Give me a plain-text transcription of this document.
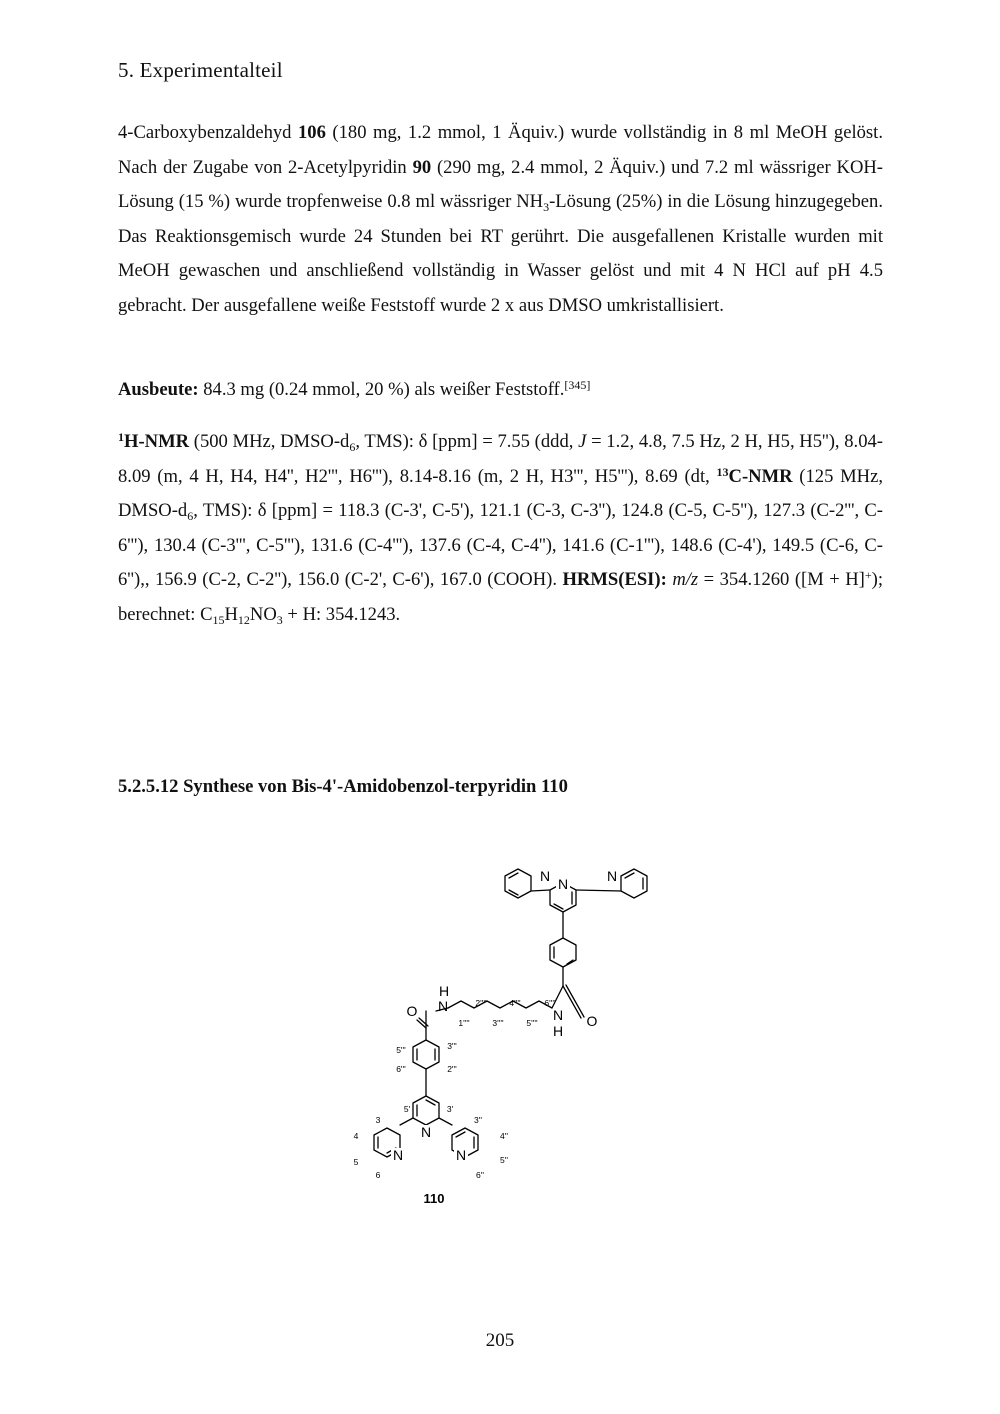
5. Experimentalteil

4-Carboxybenzaldehyd 106 (180 mg, 1.2 mmol, 1 Äquiv.) wurde vollständig in 8 ml MeOH gelöst. Nach der Zugabe von 2-Acetylpyridin 90 (290 mg, 2.4 mmol, 2 Äquiv.) und 7.2 ml wässriger KOH-Lösung (15 %) wurde tropfenweise 0.8 ml wässriger $NH_3$-Lösung (25%) in die Lösung hinzugegeben. Das Reaktionsgemisch wurde 24 Stunden bei RT gerührt. Die ausgefallenen Kristalle wurden mit MeOH gewaschen und anschließend vollständig in Wasser gelöst und mit 4 N HCl auf pH 4.5 gebracht. Der ausgefallene weiße Feststoff wurde 2 x aus DMSO umkristallisiert.

Ausbeute: 84.3 mg (0.24 mmol, 20 %) als weißer Feststoff.[345]

$^1$H-NMR (500 MHz, DMSO-$d_6$, TMS): δ [ppm] = 7.55 (ddd, J = 1.2, 4.8, 7.5 Hz, 2 H, H5, H5''), 8.04-8.09 (m, 4 H, H4, H4'', H2''', H6'''), 8.14-8.16 (m, 2 H, H3''', H5'''), 8.69 (dt, $^{13}$C-NMR (125 MHz, DMSO-$d_6$, TMS): δ [ppm] = 118.3 (C-3', C-5'), 121.1 (C-3, C-3''), 124.8 (C-5, C-5''), 127.3 (C-2''', C-6'''), 130.4 (C-3''', C-5'''), 131.6 (C-4'''), 137.6 (C-4, C-4''), 141.6 (C-1'''), 148.6 (C-4'), 149.5 (C-6, C-6''),, 156.9 (C-2, C-2''), 156.0 (C-2', C-6'), 167.0 (COOH). HRMS(ESI): m/z = 354.1260 ([M + H]+); berechnet: $C_{15}H_{12}NO_3 + H$: 354.1243.

5.2.5.12 Synthese von Bis-4'-Amidobenzol-terpyridin 110
N
N	N
O
N
H
O N
H
N
N	N
2''''	4''''	6''''
1''''	3''''	5''''
5'''	3'''
6'''	2'''
5'	3'
3	3''
4	4''
5	5''
6	6''
110
205
